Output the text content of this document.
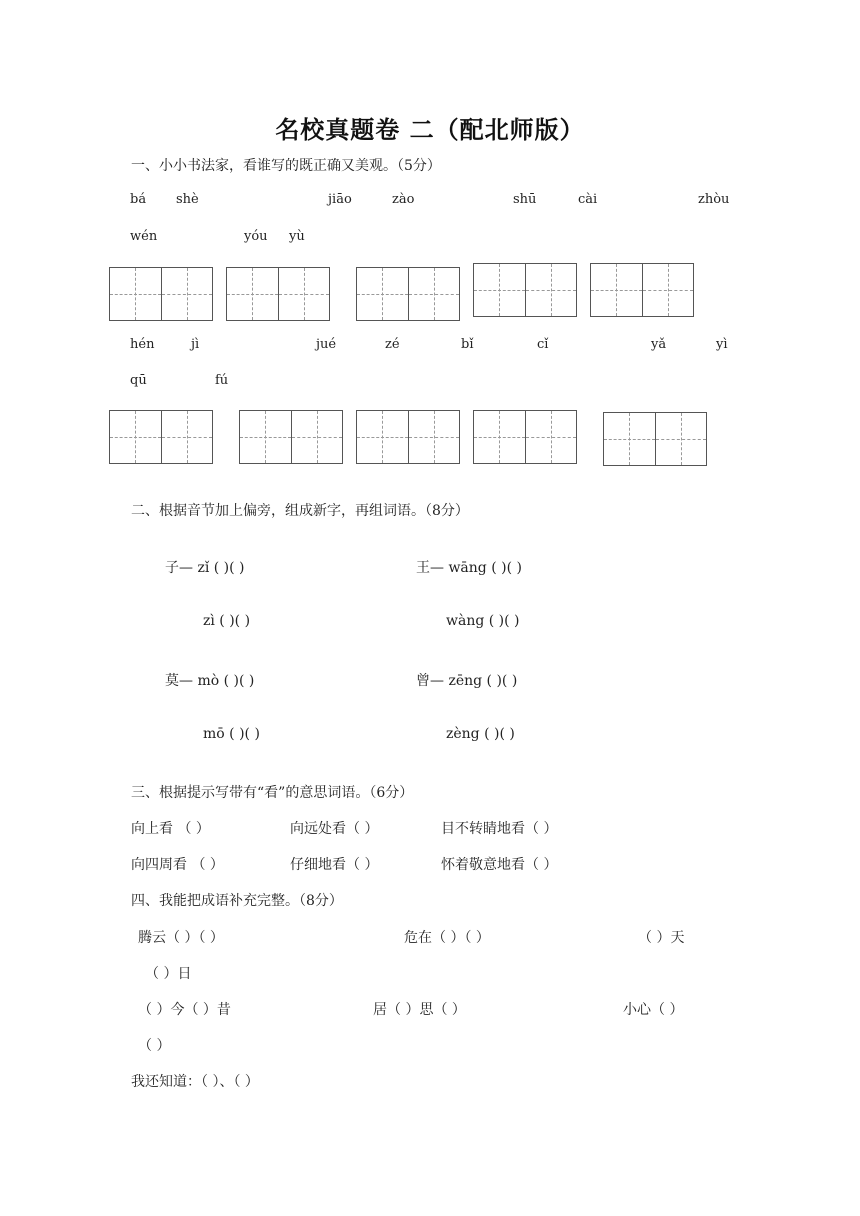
名校真题卷 二（配北师版）
一、小小书法家，看谁写的既正确又美观。（5分）
bá shè	jiāo	zào	shū	cài	zhòu
wén	yóu yù
hén	jì	jué	zé	bǐ	cǐ	yǎ	yì
qū	fú
二、根据音节加上偏旁，组成新字，再组词语。（8分）
子— zǐ ( )( )	王— wāng ( )( )
zì ( )( )	wàng ( )( )
莫— mò ( )( )	曾— zēng ( )( )
mō ( )( )	zèng ( )( )
三、根据提示写带有“看”的意思词语。（6分）
向上看 （ ）	向远处看（ ）	目不转睛地看（ ）
向四周看 （ ）	仔细地看（ ）	怀着敬意地看（ ）
四、我能把成语补充完整。（8分）
腾云（ ）（ ）	危在（ ）（ ）	（ ）天
（ ）日
（ ）今（ ）昔	居（ ）思（ ）	小心（ ）
（ ）
我还知道：（ ）、（ ）
